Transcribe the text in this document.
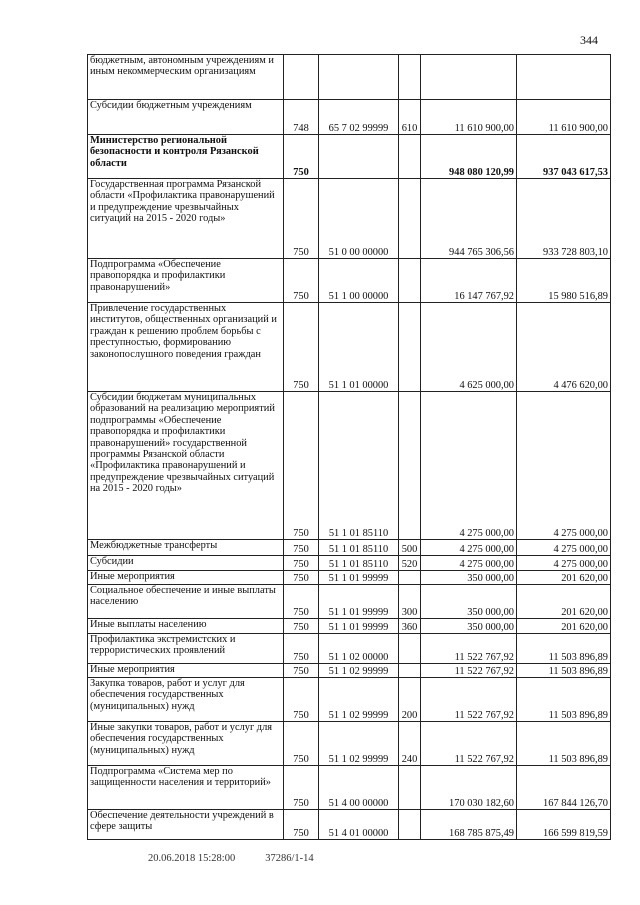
344
бюджетным, автономным учреждениям и иным некоммерческим организациям					
Субсидии бюджетным учреждениям	748	65 7 02 99999	610	11 610 900,00	11 610 900,00
Министерство региональной безопасности и контроля Рязанской области	750			948 080 120,99	937 043 617,53
Государственная программа Рязанской области «Профилактика правонарушений и предупреждение чрезвычайных ситуаций на 2015 - 2020 годы»	750	51 0 00 00000		944 765 306,56	933 728 803,10
Подпрограмма «Обеспечение правопорядка и профилактики правонарушений»	750	51 1 00 00000		16 147 767,92	15 980 516,89
Привлечение государственных институтов, общественных организаций и граждан к решению проблем борьбы с преступностью, формированию законопослушного поведения граждан	750	51 1 01 00000		4 625 000,00	4 476 620,00
Субсидии бюджетам муниципальных образований на реализацию мероприятий подпрограммы «Обеспечение правопорядка и профилактики правонарушений» государственной программы Рязанской области «Профилактика правонарушений и предупреждение чрезвычайных ситуаций на 2015 - 2020 годы»	750	51 1 01 85110		4 275 000,00	4 275 000,00
Межбюджетные трансферты	750	51 1 01 85110	500	4 275 000,00	4 275 000,00
Субсидии	750	51 1 01 85110	520	4 275 000,00	4 275 000,00
Иные мероприятия	750	51 1 01 99999		350 000,00	201 620,00
Социальное обеспечение и иные выплаты населению	750	51 1 01 99999	300	350 000,00	201 620,00
Иные выплаты населению	750	51 1 01 99999	360	350 000,00	201 620,00
Профилактика экстремистских и террористических проявлений	750	51 1 02 00000		11 522 767,92	11 503 896,89
Иные мероприятия	750	51 1 02 99999		11 522 767,92	11 503 896,89
Закупка товаров, работ и услуг для обеспечения государственных (муниципальных) нужд	750	51 1 02 99999	200	11 522 767,92	11 503 896,89
Иные закупки товаров, работ и услуг для обеспечения государственных (муниципальных) нужд	750	51 1 02 99999	240	11 522 767,92	11 503 896,89
Подпрограмма «Система мер по защищенности населения и территорий»	750	51 4 00 00000		170 030 182,60	167 844 126,70
Обеспечение деятельности учреждений в сфере защиты	750	51 4 01 00000		168 785 875,49	166 599 819,59
20.06.2018 15:28:00	37286/1-14
